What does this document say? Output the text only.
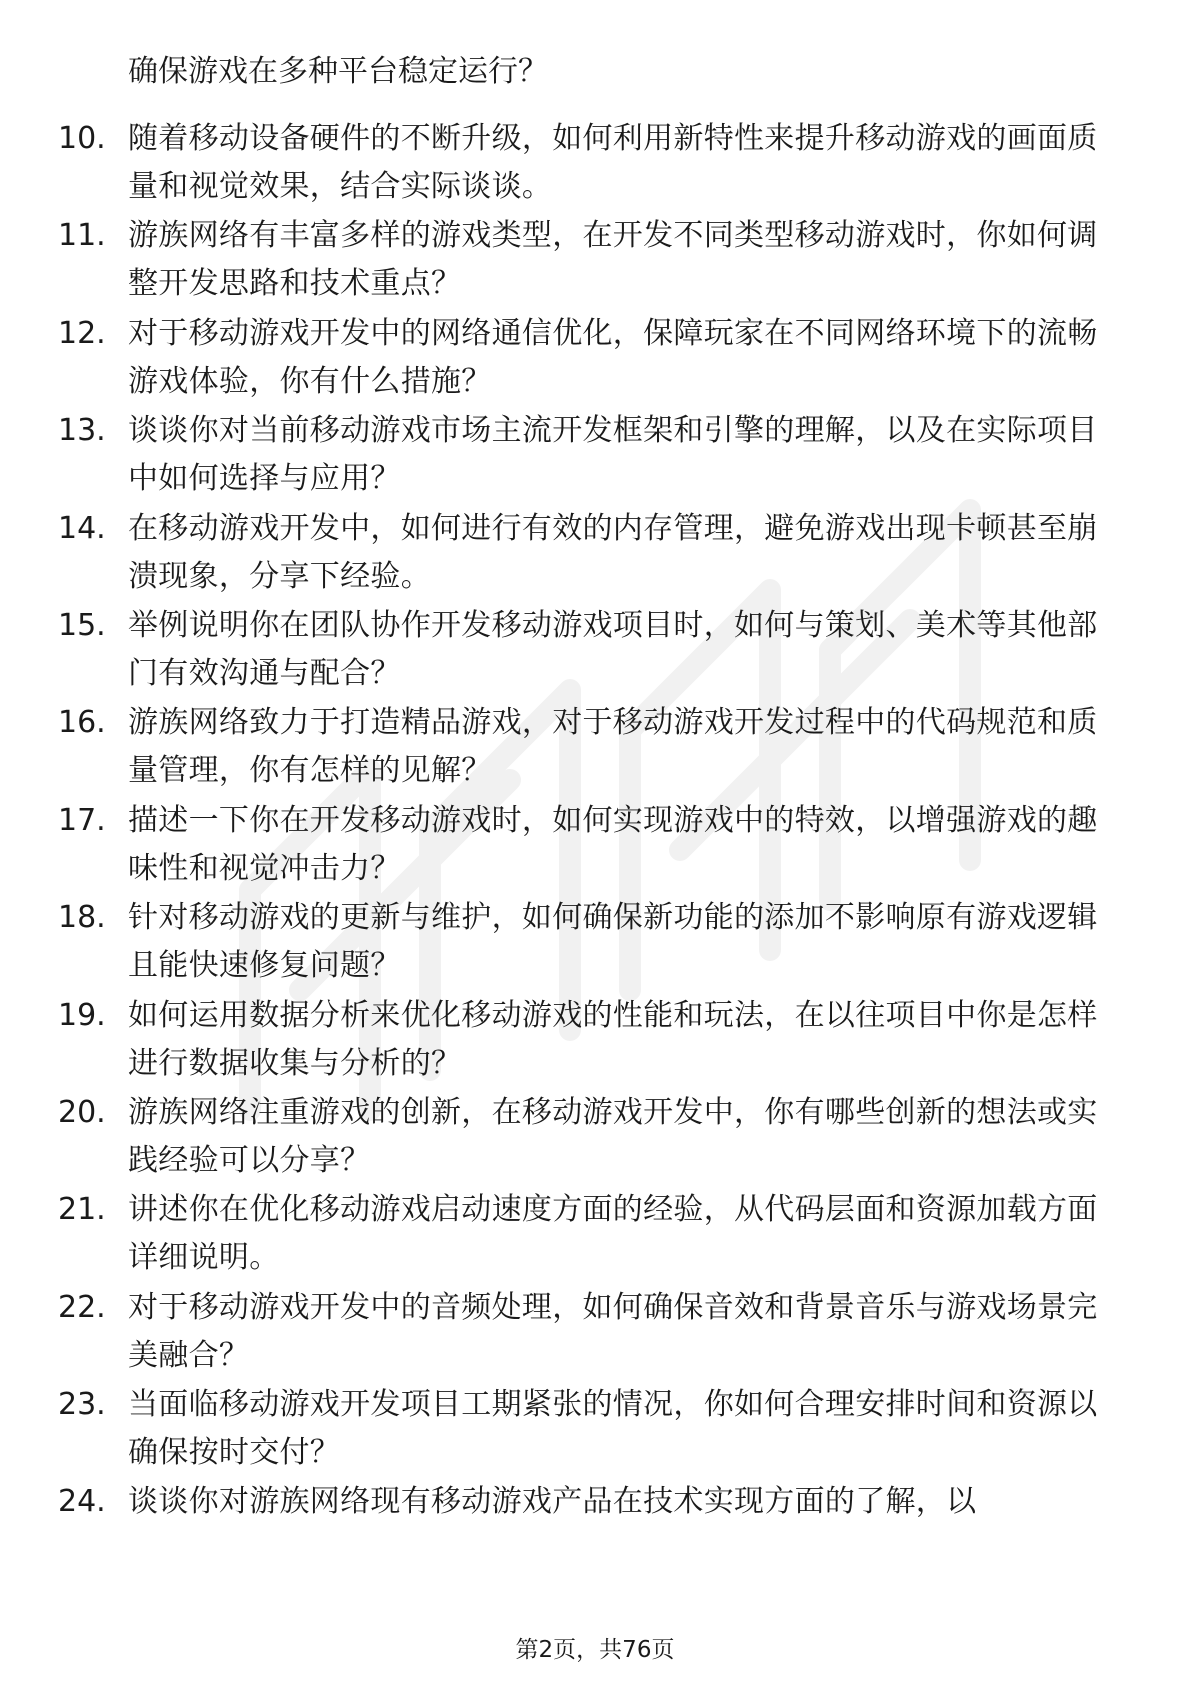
确保游戏在多种平台稳定运行？
10. 随着移动设备硬件的不断升级，如何利用新特性来提升移动游戏的画面质量和视觉效果，结合实际谈谈。
11. 游族网络有丰富多样的游戏类型，在开发不同类型移动游戏时，你如何调整开发思路和技术重点？
12. 对于移动游戏开发中的网络通信优化，保障玩家在不同网络环境下的流畅游戏体验，你有什么措施？
13. 谈谈你对当前移动游戏市场主流开发框架和引擎的理解，以及在实际项目中如何选择与应用？
14. 在移动游戏开发中，如何进行有效的内存管理，避免游戏出现卡顿甚至崩溃现象，分享下经验。
15. 举例说明你在团队协作开发移动游戏项目时，如何与策划、美术等其他部门有效沟通与配合？
16. 游族网络致力于打造精品游戏，对于移动游戏开发过程中的代码规范和质量管理，你有怎样的见解？
17. 描述一下你在开发移动游戏时，如何实现游戏中的特效，以增强游戏的趣味性和视觉冲击力？
18. 针对移动游戏的更新与维护，如何确保新功能的添加不影响原有游戏逻辑且能快速修复问题？
19. 如何运用数据分析来优化移动游戏的性能和玩法，在以往项目中你是怎样进行数据收集与分析的？
20. 游族网络注重游戏的创新，在移动游戏开发中，你有哪些创新的想法或实践经验可以分享？
21. 讲述你在优化移动游戏启动速度方面的经验，从代码层面和资源加载方面详细说明。
22. 对于移动游戏开发中的音频处理，如何确保音效和背景音乐与游戏场景完美融合？
23. 当面临移动游戏开发项目工期紧张的情况，你如何合理安排时间和资源以确保按时交付？
24. 谈谈你对游族网络现有移动游戏产品在技术实现方面的了解，以
第2页，共76页
